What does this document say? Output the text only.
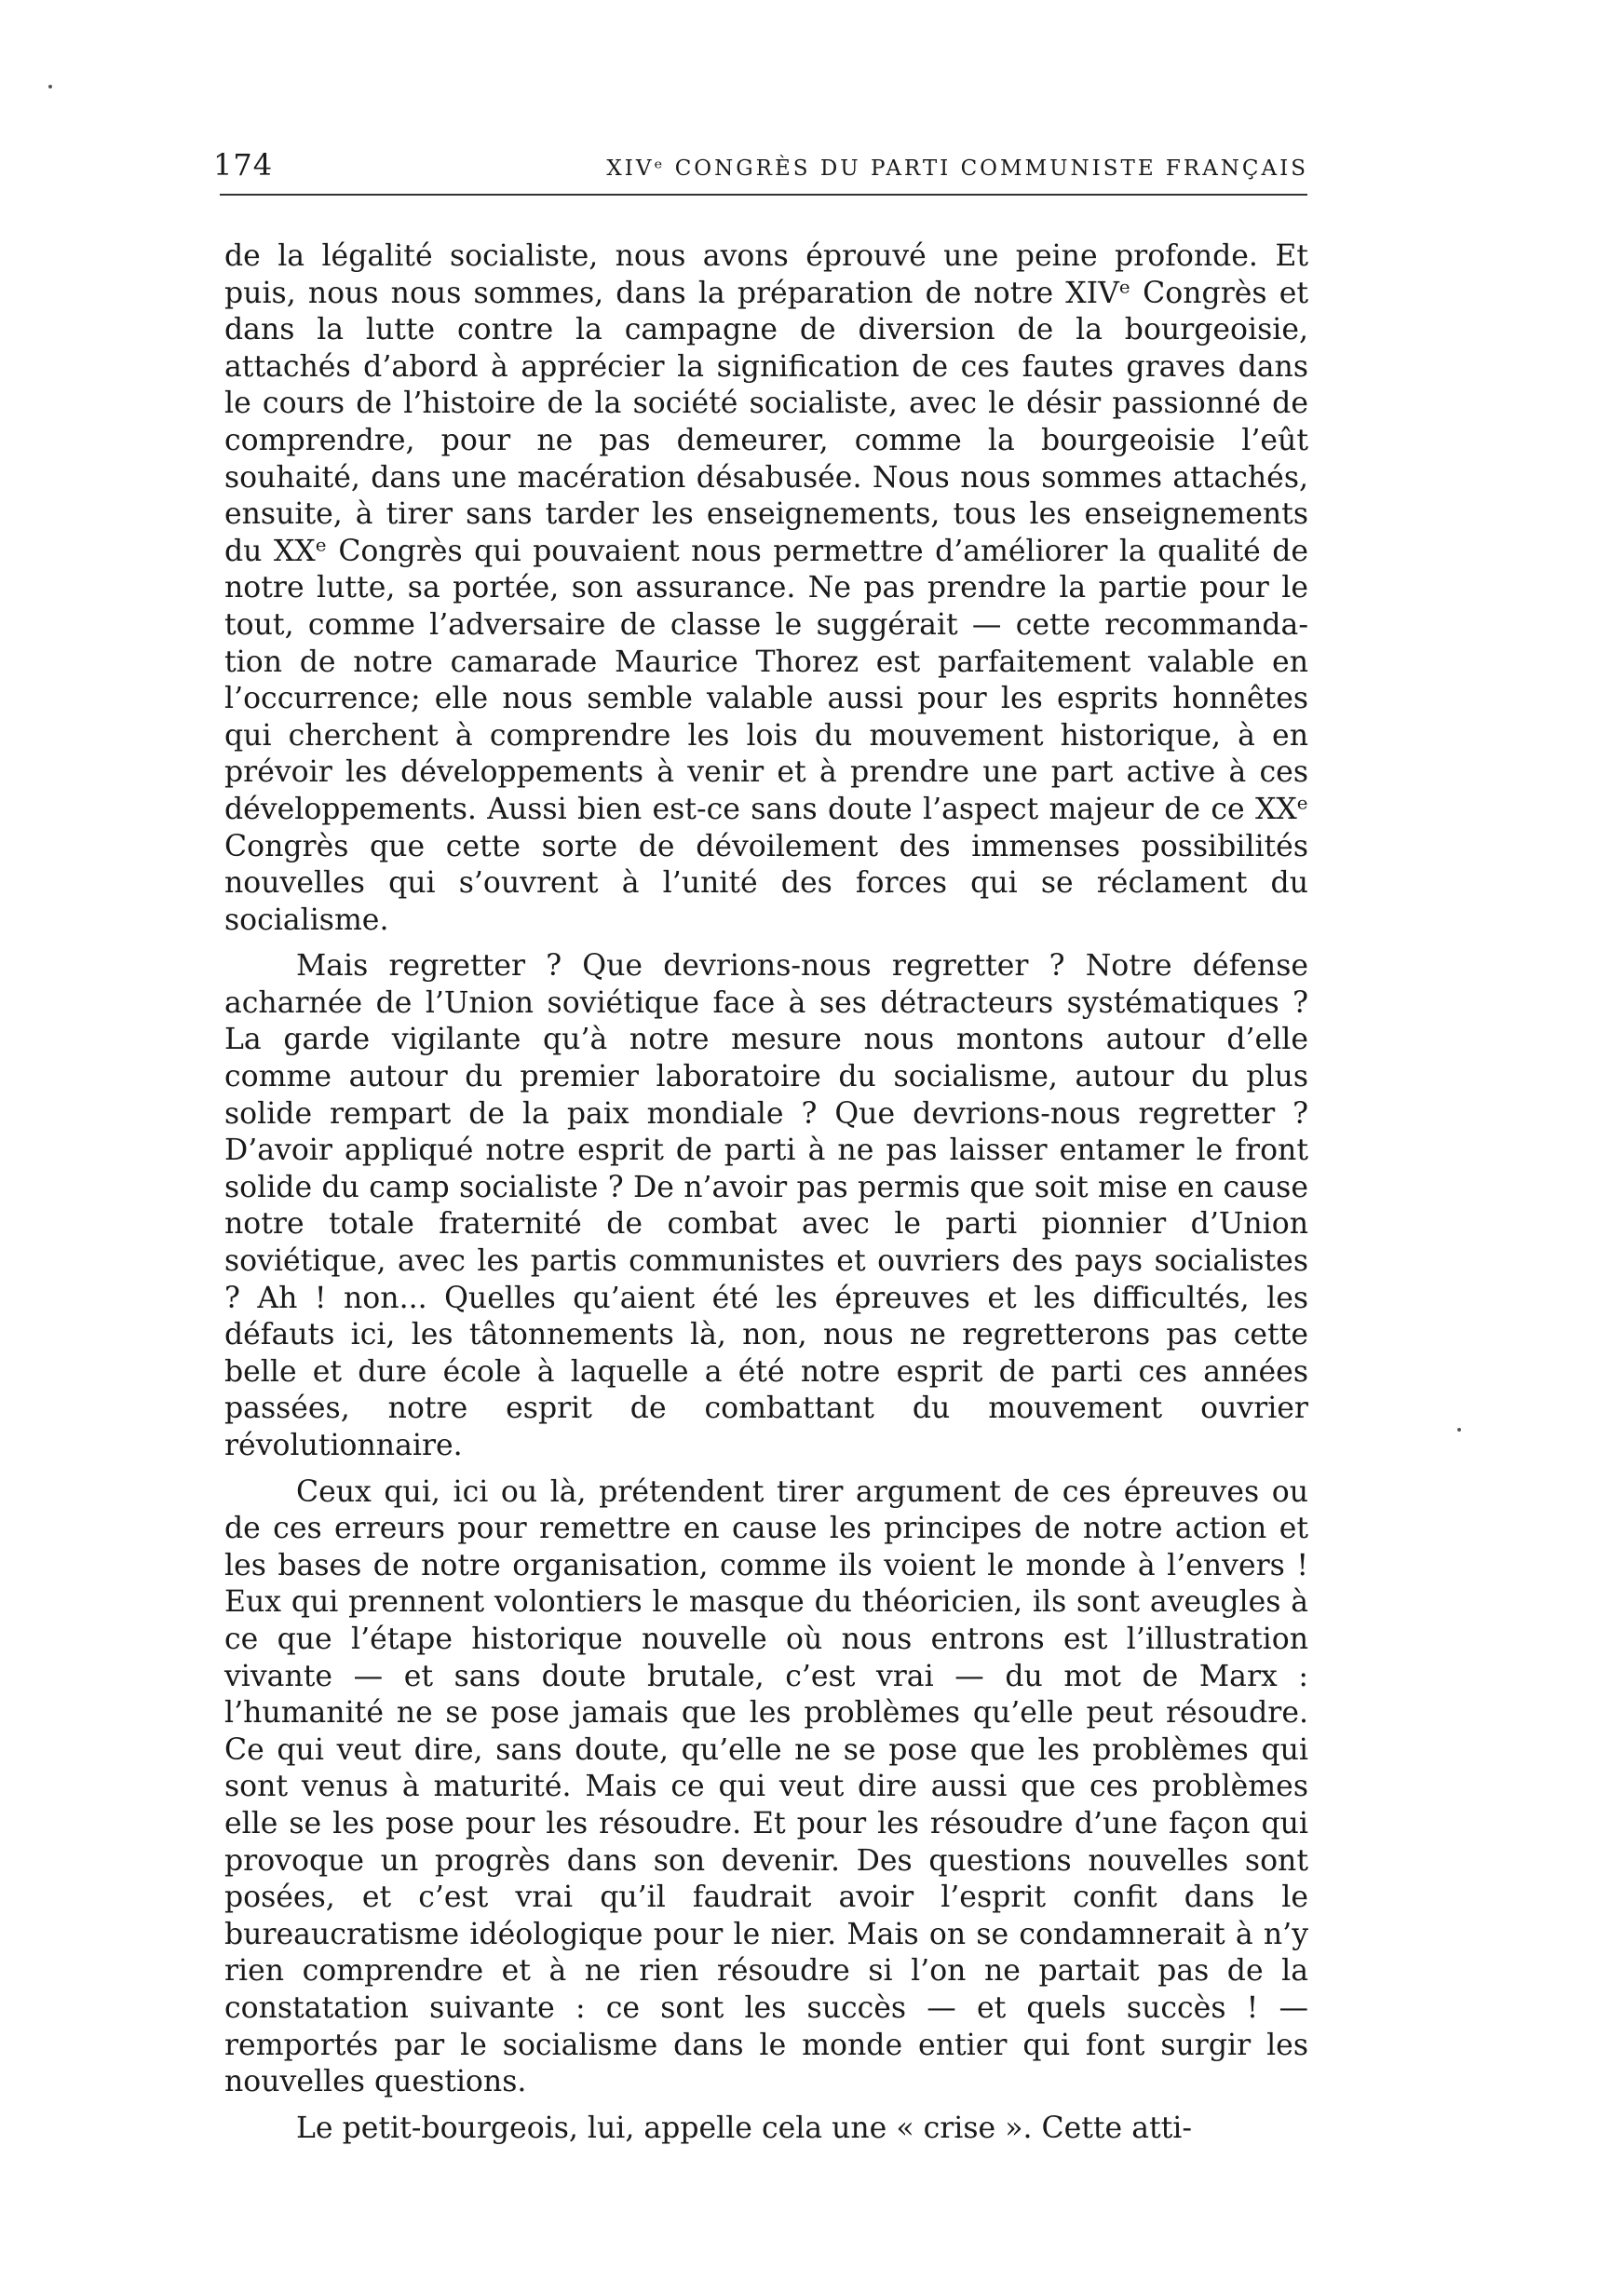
174	XIVᵉ CONGRÈS DU PARTI COMMUNISTE FRANÇAIS

de la légalité socialiste, nous avons éprouvé une peine profonde. Et puis, nous nous sommes, dans la préparation de notre XIVᵉ Congrès et dans la lutte contre la campagne de diversion de la bourgeoisie, attachés d’abord à apprécier la signification de ces fautes graves dans le cours de l’histoire de la société socialiste, avec le désir passionné de comprendre, pour ne pas demeurer, comme la bourgeoisie l’eût souhaité, dans une macération désabusée. Nous nous sommes attachés, ensuite, à tirer sans tarder les enseignements, tous les enseignements du XXᵉ Congrès qui pouvaient nous permettre d’améliorer la qualité de notre lutte, sa portée, son assurance. Ne pas prendre la partie pour le tout, comme l’adversaire de classe le suggérait — cette recommandation de notre camarade Maurice Thorez est parfaitement valable en l’occurrence; elle nous semble valable aussi pour les esprits honnêtes qui cherchent à comprendre les lois du mouvement historique, à en prévoir les développements à venir et à prendre une part active à ces développements. Aussi bien est-ce sans doute l’aspect majeur de ce XXᵉ Congrès que cette sorte de dévoilement des immenses possibilités nouvelles qui s’ouvrent à l’unité des forces qui se réclament du socialisme.

Mais regretter ? Que devrions-nous regretter ? Notre défense acharnée de l’Union soviétique face à ses détracteurs systématiques ? La garde vigilante qu’à notre mesure nous montons autour d’elle comme autour du premier laboratoire du socialisme, autour du plus solide rempart de la paix mondiale ? Que devrions-nous regretter ? D’avoir appliqué notre esprit de parti à ne pas laisser entamer le front solide du camp socialiste ? De n’avoir pas permis que soit mise en cause notre totale fraternité de combat avec le parti pionnier d’Union soviétique, avec les partis communistes et ouvriers des pays socialistes ? Ah ! non... Quelles qu’aient été les épreuves et les difficultés, les défauts ici, les tâtonnements là, non, nous ne regretterons pas cette belle et dure école à laquelle a été notre esprit de parti ces années passées, notre esprit de combattant du mouvement ouvrier révolutionnaire.

Ceux qui, ici ou là, prétendent tirer argument de ces épreuves ou de ces erreurs pour remettre en cause les principes de notre action et les bases de notre organisation, comme ils voient le monde à l’envers ! Eux qui prennent volontiers le masque du théoricien, ils sont aveugles à ce que l’étape historique nouvelle où nous entrons est l’illustration vivante — et sans doute brutale, c’est vrai — du mot de Marx : l’humanité ne se pose jamais que les problèmes qu’elle peut résoudre. Ce qui veut dire, sans doute, qu’elle ne se pose que les problèmes qui sont venus à maturité. Mais ce qui veut dire aussi que ces problèmes elle se les pose pour les résoudre. Et pour les résoudre d’une façon qui provoque un progrès dans son devenir. Des questions nouvelles sont posées, et c’est vrai qu’il faudrait avoir l’esprit confit dans le bureaucratisme idéologique pour le nier. Mais on se condamnerait à n’y rien comprendre et à ne rien résoudre si l’on ne partait pas de la constatation suivante : ce sont les succès — et quels succès ! — remportés par le socialisme dans le monde entier qui font surgir les nouvelles questions.

Le petit-bourgeois, lui, appelle cela une « crise ». Cette atti-
